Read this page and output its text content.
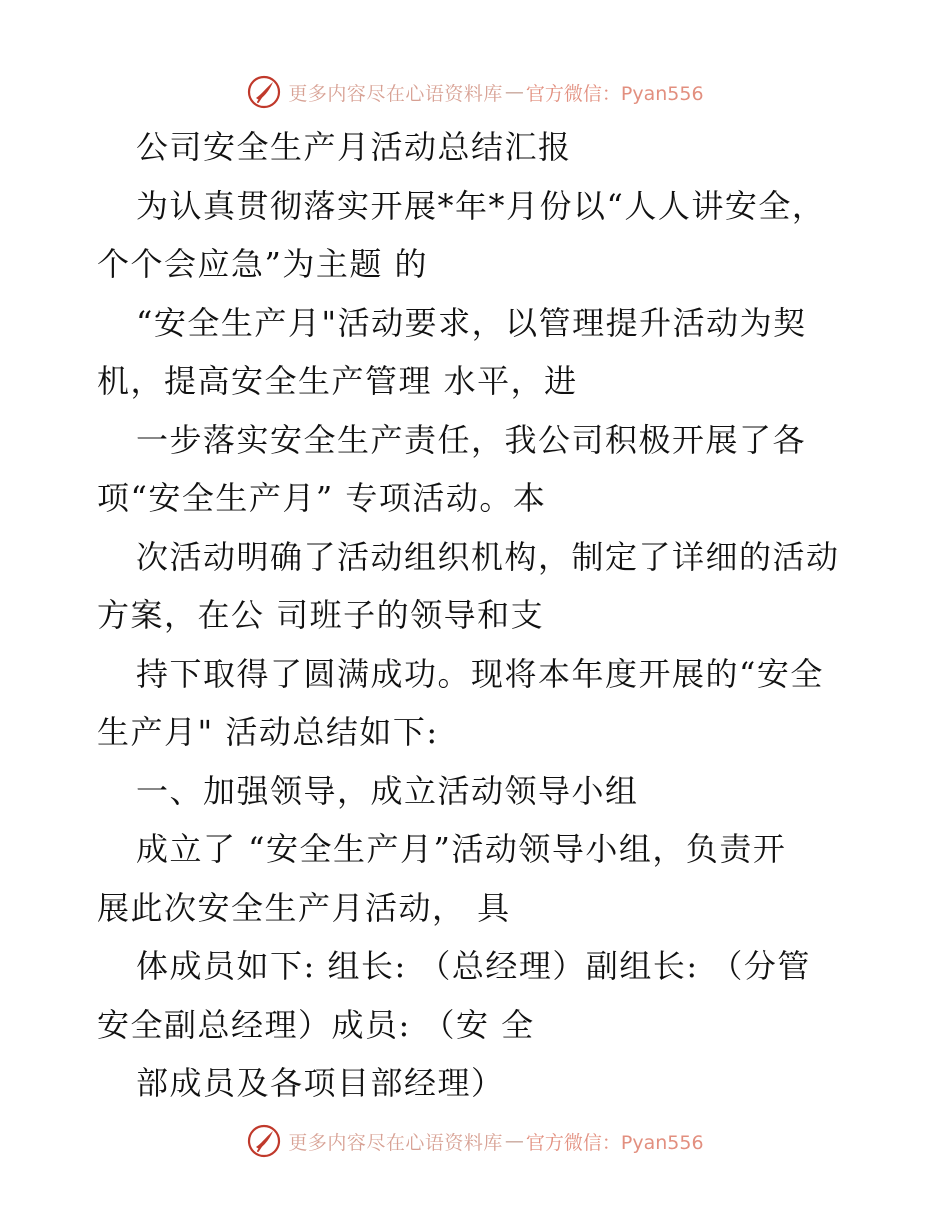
更多内容尽在心语资料库 — 官方微信：Pyan556
公司安全生产月活动总结汇报
为认真贯彻落实开展*年*月份以“人人讲安全，
个个会应急”为主题 的
“安全生产月"活动要求，以管理提升活动为契
机，提高安全生产管理 水平，进
一步落实安全生产责任，我公司积极开展了各
项“安全生产月” 专项活动。本
次活动明确了活动组织机构，制定了详细的活动
方案，在公 司班子的领导和支
持下取得了圆满成功。现将本年度开展的“安全
生产月" 活动总结如下:
一、加强领导，成立活动领导小组
成立了 “安全生产月”活动领导小组，负责开
展此次安全生产月活动， 具
体成员如下: 组长: （总经理）副组长: （分管
安全副总经理）成员: （安 全
部成员及各项目部经理）
更多内容尽在心语资料库 — 官方微信：Pyan556
